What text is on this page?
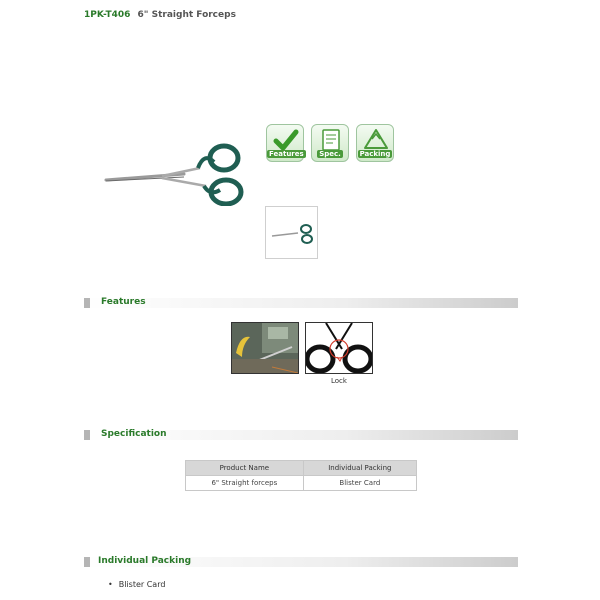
1PK-T406 6" Straight Forceps
Features	Spec.	Packing
Features
Lock
Specification
Product Name	Individual Packing
6" Straight forceps	Blister Card
Individual Packing
• Blister Card
